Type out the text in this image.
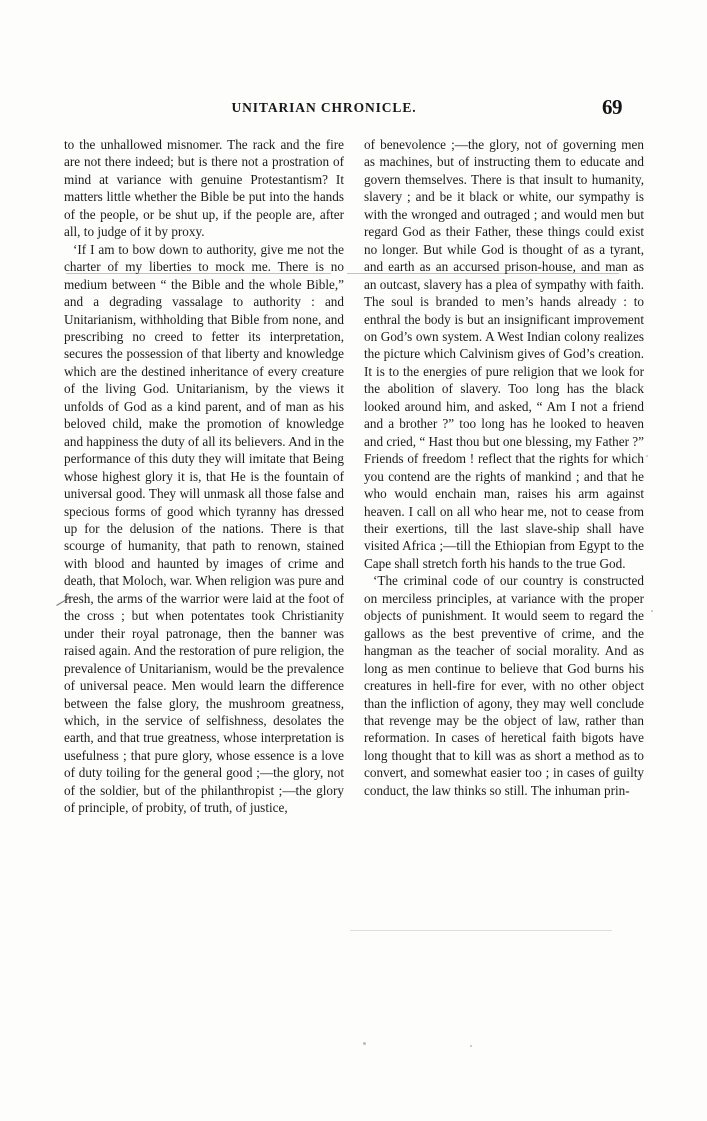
UNITARIAN CHRONICLE.	69

to the unhallowed misnomer. The rack and the fire are not there indeed; but is there not a prostration of mind at variance with genuine Protestantism? It matters little whether the Bible be put into the hands of the people, or be shut up, if the people are, after all, to judge of it by proxy.

‘If I am to bow down to authority, give me not the charter of my liberties to mock me. There is no medium between “ the Bible and the whole Bible,” and a degrading vassalage to authority : and Unitarianism, withholding that Bible from none, and prescribing no creed to fetter its interpretation, secures the possession of that liberty and knowledge which are the destined inheritance of every creature of the living God. Unitarianism, by the views it unfolds of God as a kind parent, and of man as his beloved child, make the promotion of knowledge and happiness the duty of all its believers. And in the performance of this duty they will imitate that Being whose highest glory it is, that He is the fountain of universal good. They will unmask all those false and specious forms of good which tyranny has dressed up for the delusion of the nations. There is that scourge of humanity, that path to renown, stained with blood and haunted by images of crime and death, that Moloch, war. When religion was pure and fresh, the arms of the warrior were laid at the foot of the cross ; but when potentates took Christianity under their royal patronage, then the banner was raised again. And the restoration of pure religion, the prevalence of Unitarianism, would be the prevalence of universal peace. Men would learn the difference between the false glory, the mushroom greatness, which, in the service of selfishness, desolates the earth, and that true greatness, whose interpretation is usefulness ; that pure glory, whose essence is a love of duty toiling for the general good ;—the glory, not of the soldier, but of the philanthropist ;—the glory of principle, of probity, of truth, of justice,

of benevolence ;—the glory, not of governing men as machines, but of instructing them to educate and govern themselves. There is that insult to humanity, slavery ; and be it black or white, our sympathy is with the wronged and outraged ; and would men but regard God as their Father, these things could exist no longer. But while God is thought of as a tyrant, and earth as an accursed prison-house, and man as an outcast, slavery has a plea of sympathy with faith. The soul is branded to men’s hands already : to enthral the body is but an insignificant improvement on God’s own system. A West Indian colony realizes the picture which Calvinism gives of God’s creation. It is to the energies of pure religion that we look for the abolition of slavery. Too long has the black looked around him, and asked, “ Am I not a friend and a brother ?” too long has he looked to heaven and cried, “ Hast thou but one blessing, my Father ?” Friends of freedom ! reflect that the rights for which you contend are the rights of mankind ; and that he who would enchain man, raises his arm against heaven. I call on all who hear me, not to cease from their exertions, till the last slave-ship shall have visited Africa ;—till the Ethiopian from Egypt to the Cape shall stretch forth his hands to the true God.

‘The criminal code of our country is constructed on merciless principles, at variance with the proper objects of punishment. It would seem to regard the gallows as the best preventive of crime, and the hangman as the teacher of social morality. And as long as men continue to believe that God burns his creatures in hell-fire for ever, with no other object than the infliction of agony, they may well conclude that revenge may be the object of law, rather than reformation. In cases of heretical faith bigots have long thought that to kill was as short a method as to convert, and somewhat easier too ; in cases of guilty conduct, the law thinks so still. The inhuman prin-
